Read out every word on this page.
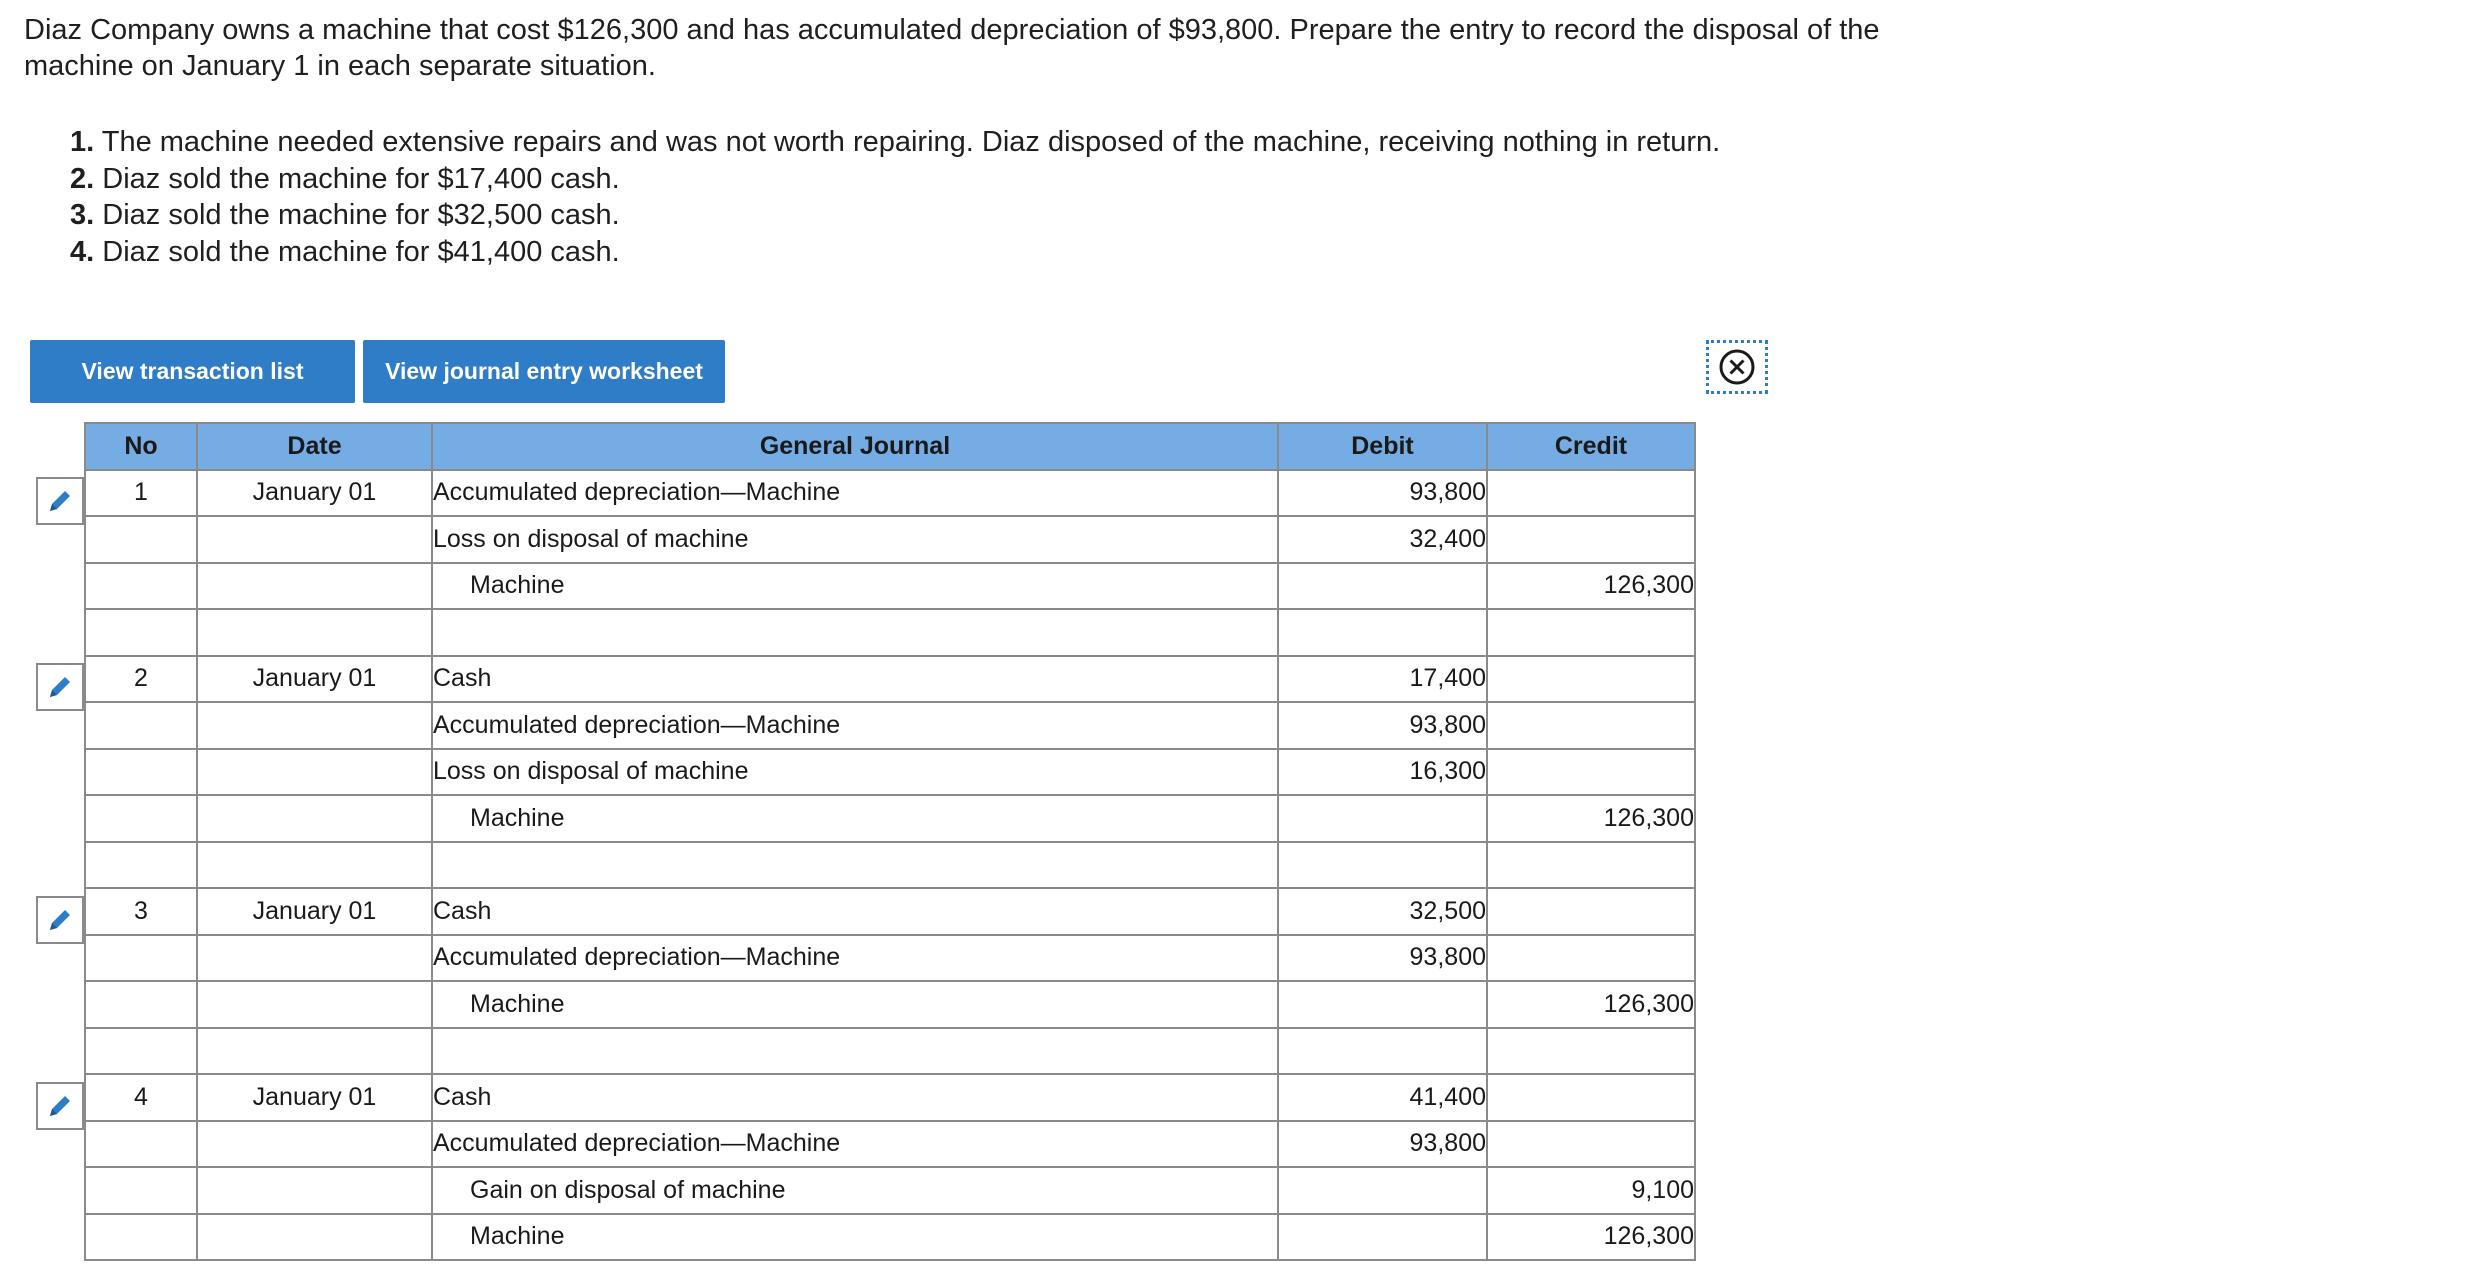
Diaz Company owns a machine that cost $126,300 and has accumulated depreciation of $93,800. Prepare the entry to record the disposal of the machine on January 1 in each separate situation.

1. The machine needed extensive repairs and was not worth repairing. Diaz disposed of the machine, receiving nothing in return.
2. Diaz sold the machine for $17,400 cash.
3. Diaz sold the machine for $32,500 cash.
4. Diaz sold the machine for $41,400 cash.
View transaction list	View journal entry worksheet
No	Date	General Journal	Debit	Credit
1	January 01	Accumulated depreciation—Machine	93,800	
		Loss on disposal of machine	32,400	
		Machine		126,300

2	January 01	Cash	17,400	
		Accumulated depreciation—Machine	93,800	
		Loss on disposal of machine	16,300	
		Machine		126,300

3	January 01	Cash	32,500	
		Accumulated depreciation—Machine	93,800	
		Machine		126,300

4	January 01	Cash	41,400	
		Accumulated depreciation—Machine	93,800	
		Gain on disposal of machine		9,100
		Machine		126,300
